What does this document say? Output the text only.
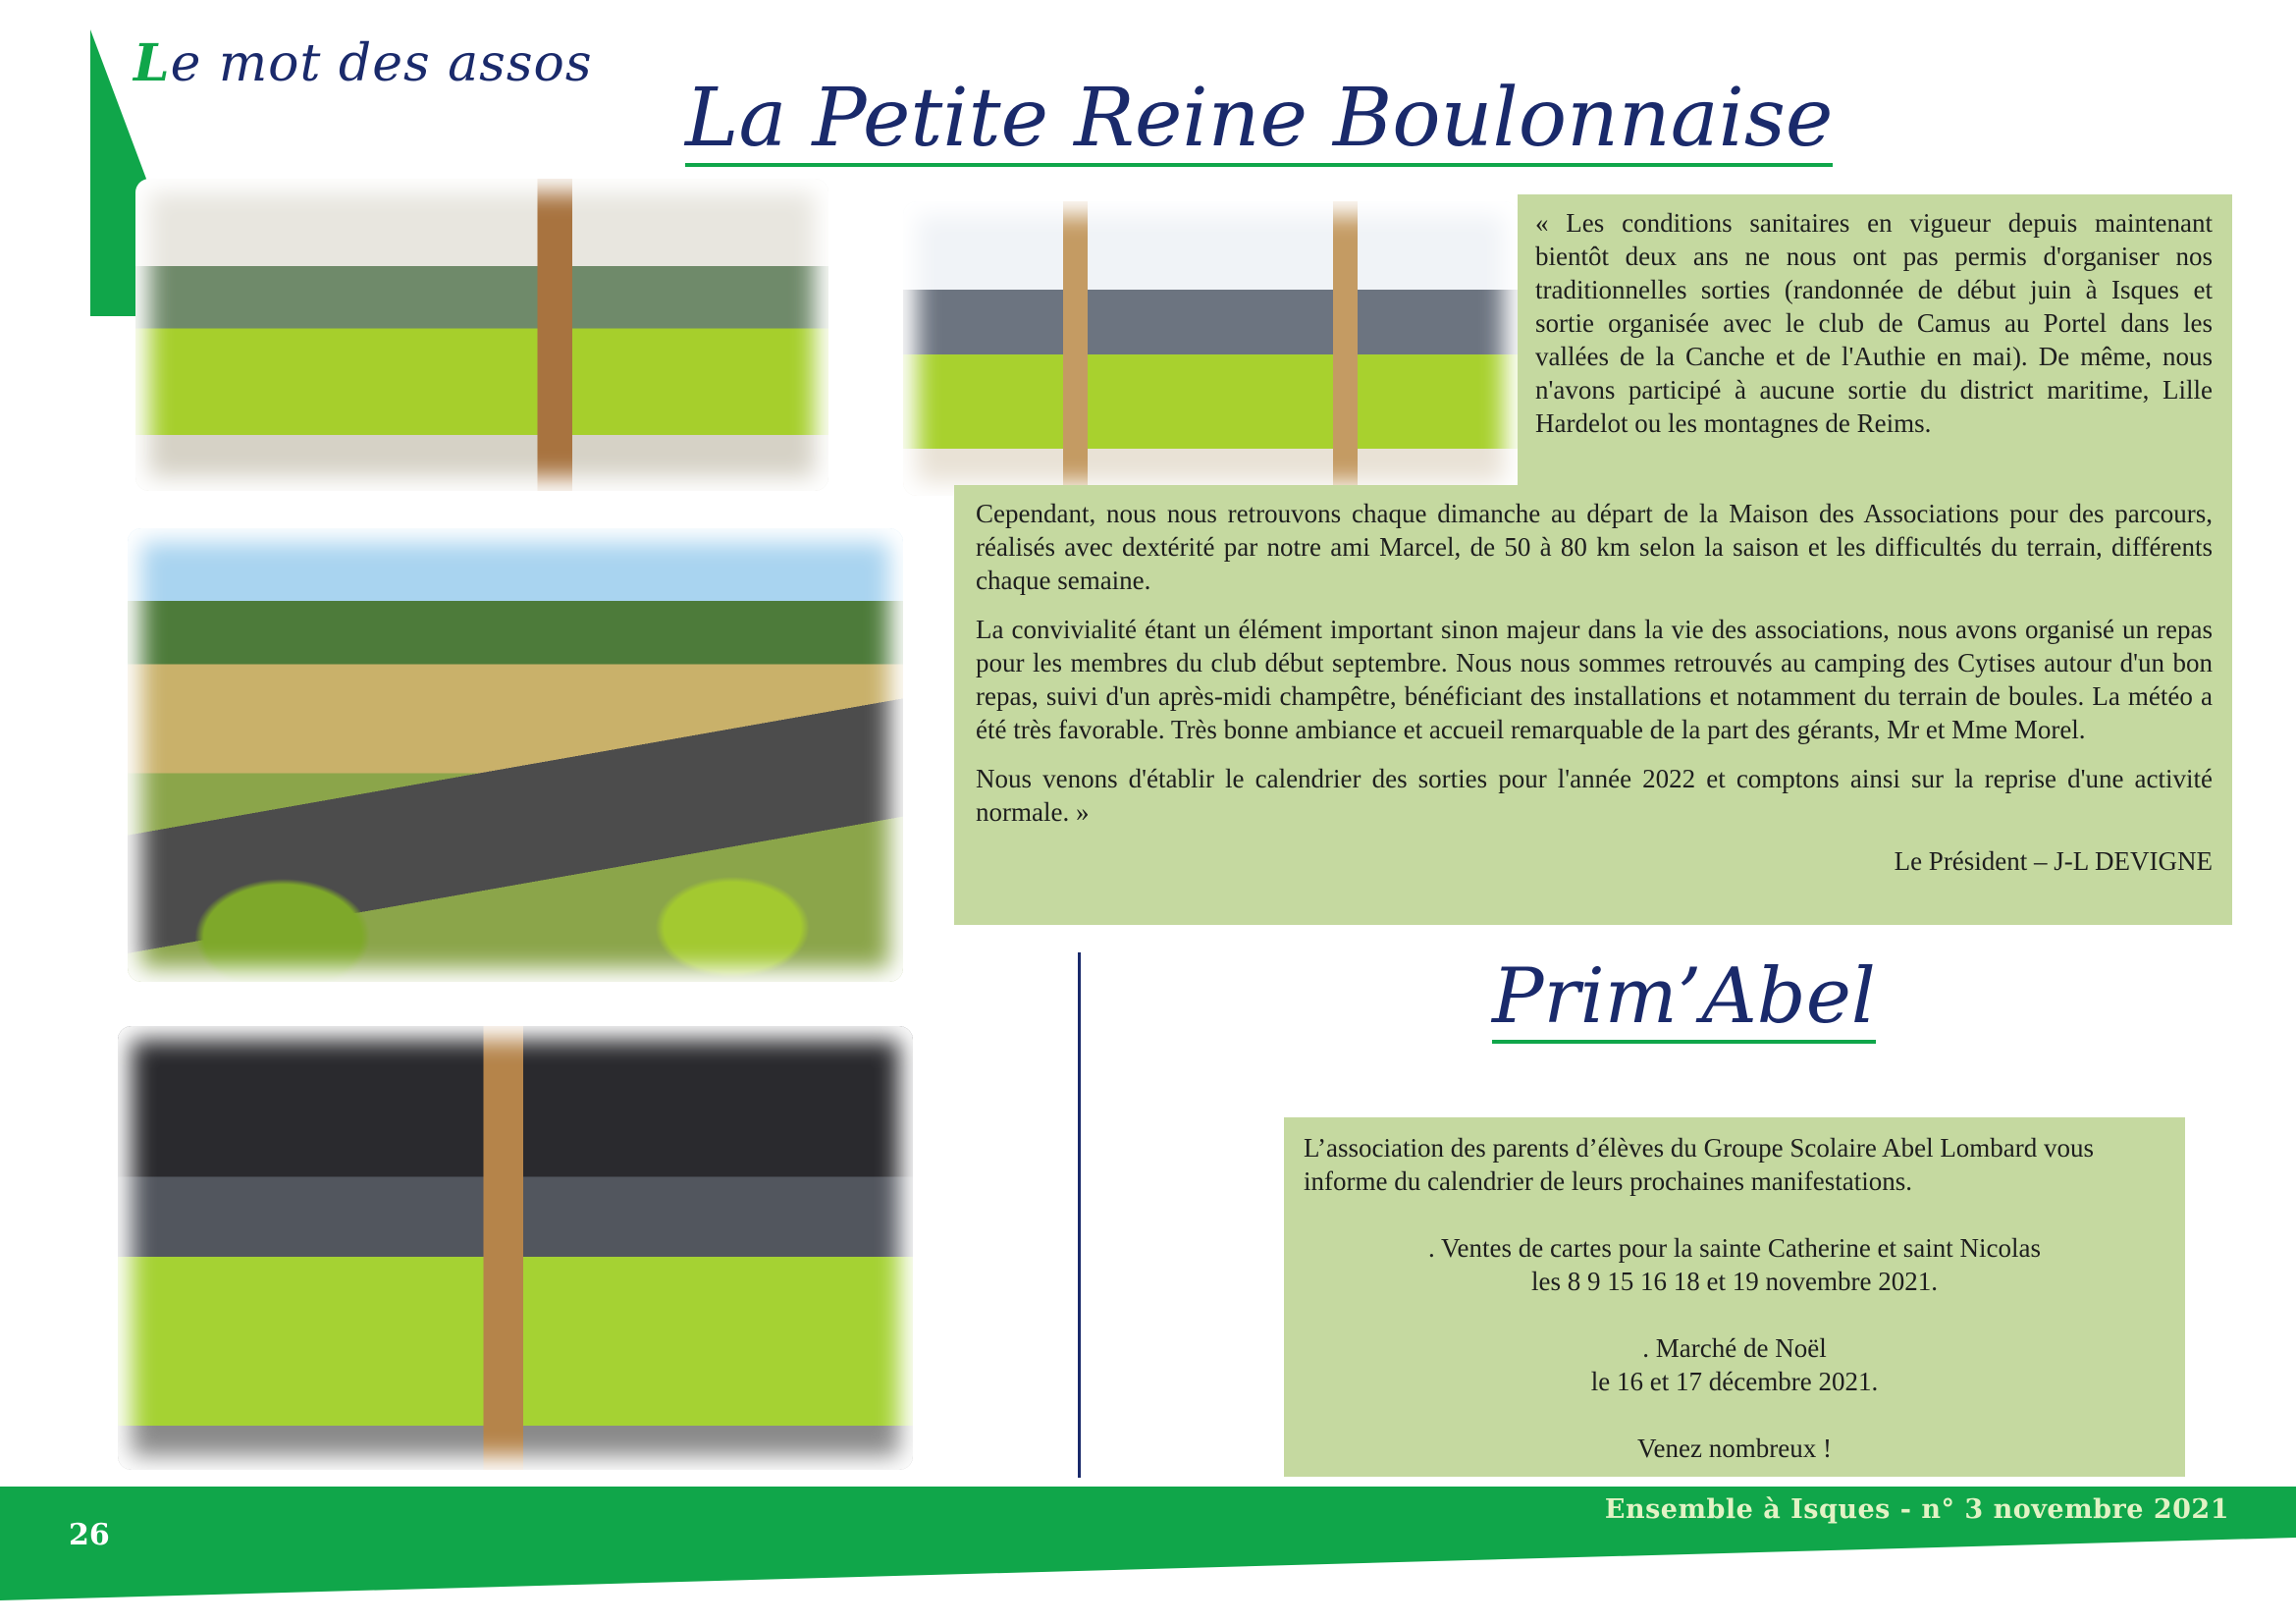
Le mot des assos
La Petite Reine Boulonnaise
« Les conditions sanitaires en vigueur depuis maintenant bientôt deux ans ne nous ont pas permis d'organiser nos traditionnelles sorties (randonnée de début juin à Isques et sortie organisée avec le club de Camus au Portel dans les vallées de la Canche et de l'Authie en mai). De même, nous n'avons participé à aucune sortie du district maritime, Lille Hardelot ou les montagnes de Reims.

Cependant, nous nous retrouvons chaque dimanche au départ de la Maison des Associations pour des parcours, réalisés avec dextérité par notre ami Marcel, de 50 à 80 km selon la saison et les difficultés du terrain, différents chaque semaine.

La convivialité étant un élément important sinon majeur dans la vie des associations, nous avons organisé un repas pour les membres du club début septembre. Nous nous sommes retrouvés au camping des Cytises autour d'un bon repas, suivi d'un après-midi champêtre, bénéficiant des installations et notamment du terrain de boules. La météo a été très favorable. Très bonne ambiance et accueil remarquable de la part des gérants, Mr et Mme Morel.

Nous venons d'établir le calendrier des sorties pour l'année 2022 et comptons ainsi sur la reprise d'une activité normale. »

Le Président – J-L DEVIGNE

Prim’Abel

L’association des parents d’élèves du Groupe Scolaire Abel Lombard vous informe du calendrier de leurs prochaines manifestations.

. Ventes de cartes pour la sainte Catherine et saint Nicolas

les 8 9 15 16 18 et 19 novembre 2021.

. Marché de Noël

le 16 et 17 décembre 2021.

Venez nombreux !

Ensemble à Isques - n° 3 novembre 2021
26
